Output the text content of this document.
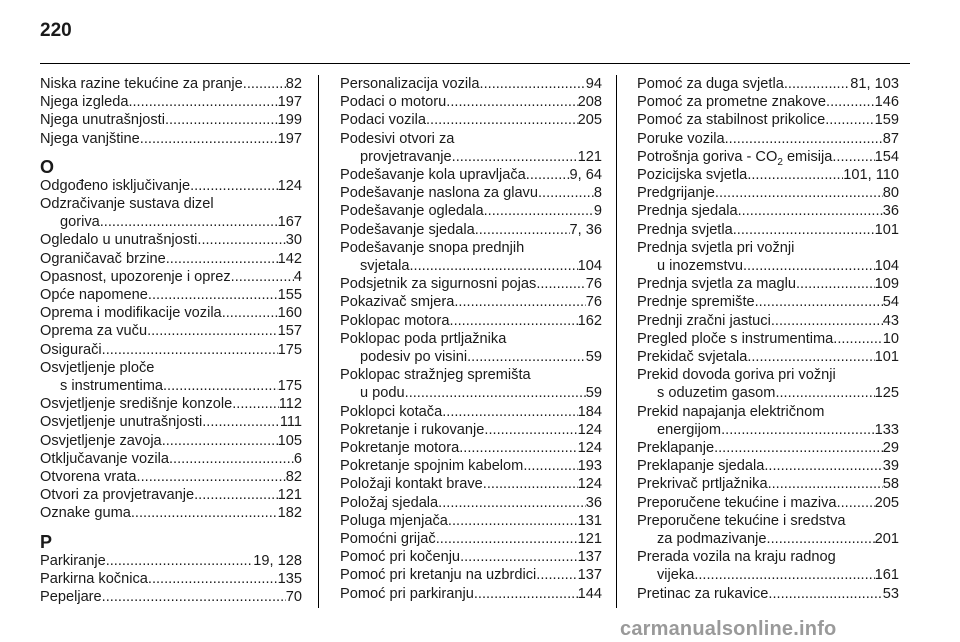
220
Niska razine tekućine za pranje .....	82
Njega izgleda .....	197
Njega unutrašnjosti .....	199
Njega vanjštine .....	197
O
Odgođeno isključivanje .....	124
Odzračivanje sustava dizel
goriva .....	167
Ogledalo u unutrašnjosti .....	30
Ograničavač brzine .....	142
Opasnost, upozorenje i oprez .....	4
Opće napomene .....	155
Oprema i modifikacije vozila .....	160
Oprema za vuču .....	157
Osigurači .....	175
Osvjetljenje ploče
s instrumentima .....	175
Osvjetljenje središnje konzole .....	112
Osvjetljenje unutrašnjosti .....	111
Osvjetljenje zavoja .....	105
Otključavanje vozila .....	6
Otvorena vrata .....	82
Otvori za provjetravanje .....	121
Oznake guma .....	182
P
Parkiranje .....	19, 128
Parkirna kočnica .....	135
Pepeljare .....	70
Personalizacija vozila .....	94
Podaci o motoru .....	208
Podaci vozila .....	205
Podesivi otvori za
provjetravanje .....	121
Podešavanje kola upravljača .....	9, 64
Podešavanje naslona za glavu .....	8
Podešavanje ogledala .....	9
Podešavanje sjedala .....	7, 36
Podešavanje snopa prednjih
svjetala .....	104
Podsjetnik za sigurnosni pojas .....	76
Pokazivač smjera .....	76
Poklopac motora .....	162
Poklopac poda prtljažnika
podesiv po visini .....	59
Poklopac stražnjeg spremišta
u podu .....	59
Poklopci kotača .....	184
Pokretanje i rukovanje .....	124
Pokretanje motora .....	124
Pokretanje spojnim kabelom .....	193
Položaji kontakt brave .....	124
Položaj sjedala .....	36
Poluga mjenjača .....	131
Pomoćni grijač .....	121
Pomoć pri kočenju .....	137
Pomoć pri kretanju na uzbrdici .....	137
Pomoć pri parkiranju .....	144
Pomoć za duga svjetla .....	81, 103
Pomoć za prometne znakove .....	146
Pomoć za stabilnost prikolice .....	159
Poruke vozila .....	87
Potrošnja goriva - $CO_2$ emisija .....	154
Pozicijska svjetla .....	101, 110
Predgrijanje .....	80
Prednja sjedala .....	36
Prednja svjetla .....	101
Prednja svjetla pri vožnji
u inozemstvu .....	104
Prednja svjetla za maglu .....	109
Prednje spremište .....	54
Prednji zračni jastuci .....	43
Pregled ploče s instrumentima .....	10
Prekidač svjetala .....	101
Prekid dovoda goriva pri vožnji
s oduzetim gasom .....	125
Prekid napajanja električnom
energijom .....	133
Preklapanje .....	29
Preklapanje sjedala .....	39
Prekrivač prtljažnika .....	58
Preporučene tekućine i maziva .....	205
Preporučene tekućine i sredstva
za podmazivanje .....	201
Prerada vozila na kraju radnog
vijeka .....	161
Pretinac za rukavice .....	53
carmanualsonline.info
